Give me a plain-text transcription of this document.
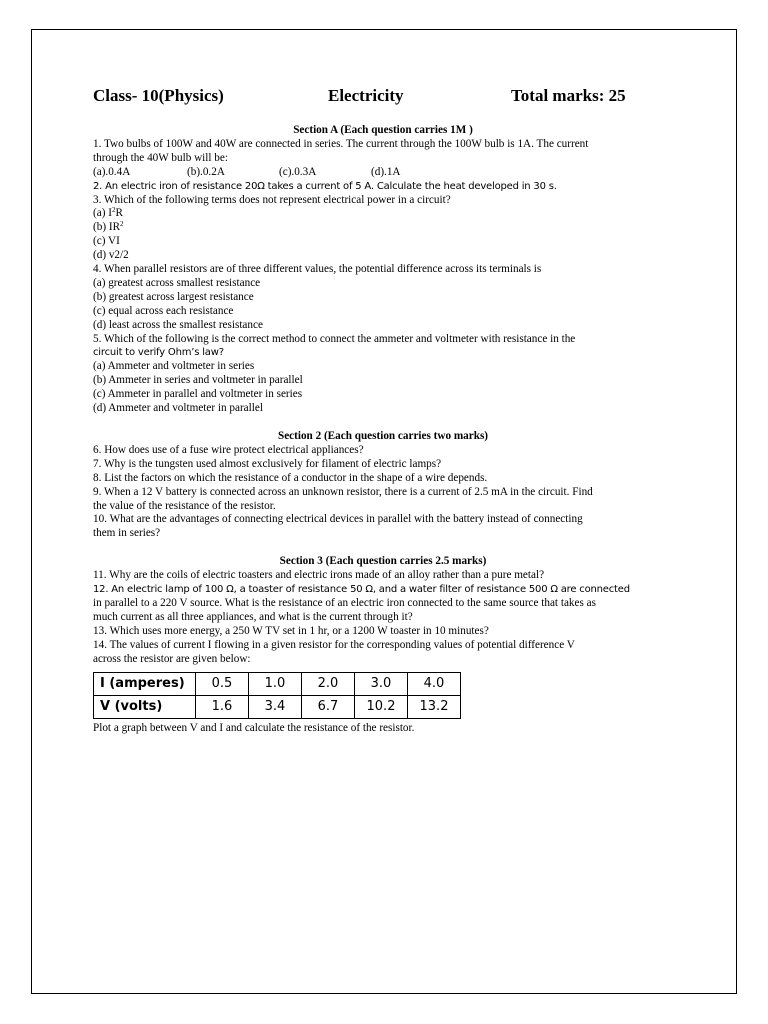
Class- 10(Physics)	Electricity	Total marks: 25
Section A (Each question carries 1M )
1. Two bulbs of 100W and 40W are connected in series. The current through the 100W bulb is 1A. The current
through the 40W bulb will be:
(a).0.4A	(b).0.2A	(c).0.3A	(d).1A
2. An electric iron of resistance 20Ω takes a current of 5 A. Calculate the heat developed in 30 s.
3. Which of the following terms does not represent electrical power in a circuit?
(a) $I^2R$
(b) $IR^2$
(c) VI
(d) v2/2
4. When parallel resistors are of three different values, the potential difference across its terminals is
(a) greatest across smallest resistance
(b) greatest across largest resistance
(c) equal across each resistance
(d) least across the smallest resistance
5. Which of the following is the correct method to connect the ammeter and voltmeter with resistance in the
circuit to verify Ohm’s law?
(a) Ammeter and voltmeter in series
(b) Ammeter in series and voltmeter in parallel
(c) Ammeter in parallel and voltmeter in series
(d) Ammeter and voltmeter in parallel
Section 2 (Each question carries two marks)
6. How does use of a fuse wire protect electrical appliances?
7. Why is the tungsten used almost exclusively for filament of electric lamps?
8. List the factors on which the resistance of a conductor in the shape of a wire depends.
9. When a 12 V battery is connected across an unknown resistor, there is a current of 2.5 mA in the circuit. Find
the value of the resistance of the resistor.
10. What are the advantages of connecting electrical devices in parallel with the battery instead of connecting
them in series?
Section 3 (Each question carries 2.5 marks)
11. Why are the coils of electric toasters and electric irons made of an alloy rather than a pure metal?
12. An electric lamp of 100 Ω, a toaster of resistance 50 Ω, and a water filter of resistance 500 Ω are connected
in parallel to a 220 V source. What is the resistance of an electric iron connected to the same source that takes as
much current as all three appliances, and what is the current through it?
13. Which uses more energy, a 250 W TV set in 1 hr, or a 1200 W toaster in 10 minutes?
14. The values of current I flowing in a given resistor for the corresponding values of potential difference V
across the resistor are given below:
I (amperes)	0.5	1.0	2.0	3.0	4.0
V (volts)	1.6	3.4	6.7	10.2	13.2
Plot a graph between V and I and calculate the resistance of the resistor.
